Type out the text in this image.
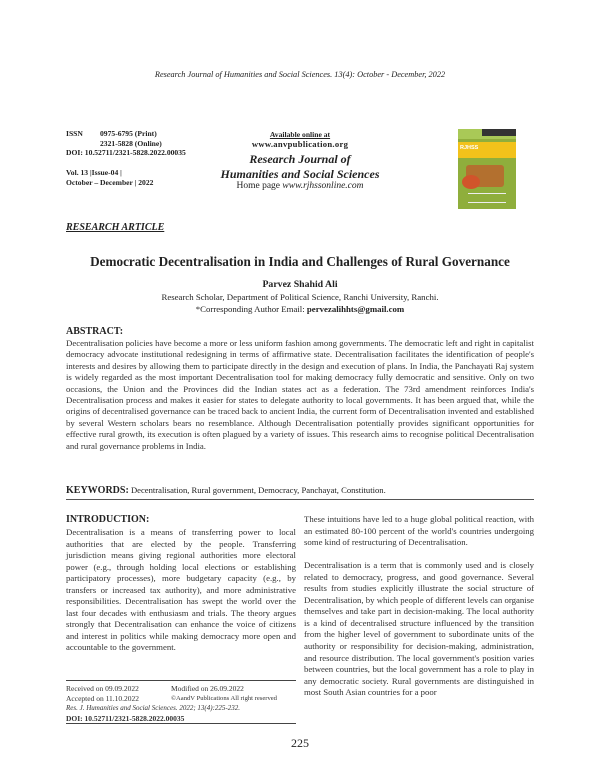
Research Journal of Humanities and Social Sciences. 13(4): October - December, 2022
ISSN	0975-6795 (Print)
2321-5828 (Online)
DOI: 10.52711/2321-5828.2022.00035
Vol. 13 |Issue-04 |
October – December | 2022
Available online at
www.anvpublication.org
Research Journal of
Humanities and Social Sciences
Home page www.rjhssonline.com
RJHSS
RESEARCH ARTICLE
Democratic Decentralisation in India and Challenges of Rural Governance
Parvez Shahid Ali
Research Scholar, Department of Political Science, Ranchi University, Ranchi.
*Corresponding Author Email: pervezalihhts@gmail.com
ABSTRACT:
Decentralisation policies have become a more or less uniform fashion among governments. The democratic left and right in capitalist democracy advocate institutional redesigning in terms of affirmative state. Decentralisation facilitates the identification of people's interests and desires by allowing them to participate directly in the design and execution of plans. In India, the Panchayati Raj system is widely regarded as the most important Decentralisation tool for making democracy fully democratic and sensitive. Only on two occasions, the Union and the Provinces did the Indian states act as a federation. The 73rd amendment reinforces India's Decentralisation process and makes it easier for states to delegate authority to local governments. It has been argued that, while the origins of decentralised governance can be traced back to ancient India, the current form of Decentralisation invented and established by several Western scholars bears no resemblance. Although Decentralisation potentially provides significant opportunities for effective rural growth, its execution is often plagued by a variety of issues. This research aims to recognise political Decentralisation and rural governance problems in India.
KEYWORDS: Decentralisation, Rural government, Democracy, Panchayat, Constitution.
INTRODUCTION:
Decentralisation is a means of transferring power to local authorities that are elected by the people. Transferring jurisdiction means giving regional authorities more electoral power (e.g., through holding local elections or establishing participatory processes), more budgetary capacity (e.g., by transfers or increased tax authority), and more administrative responsibilities. Decentralisation has swept the world over the last four decades with enthusiasm and trials. The theory argues strongly that Decentralisation can enhance the voice of citizens and interest in politics while making democracy more open and accountable to the government.

These intuitions have led to a huge global political reaction, with an estimated 80-100 percent of the world's countries undergoing some kind of restructuring of Decentralisation.

Decentralisation is a term that is commonly used and is closely related to democracy, progress, and good governance. Several results from studies explicitly illustrate the social structure of Decentralisation, by which people of different levels can organise themselves and take part in decision-making. The local authority is a kind of decentralised structure influenced by the transition from the higher level of government to subordinate units of the authority or responsibility for decision-making, administration, and resource distribution. The local government's position varies between countries, but the local government has a role to play in any democratic society. Rural governments are distinguished in most South Asian countries for a poor

Received on 09.09.2022	Modified on 26.09.2022
Accepted on 11.10.2022	©AandV Publications All right reserved
Res. J. Humanities and Social Sciences. 2022; 13(4):225-232.
DOI: 10.52711/2321-5828.2022.00035
225
